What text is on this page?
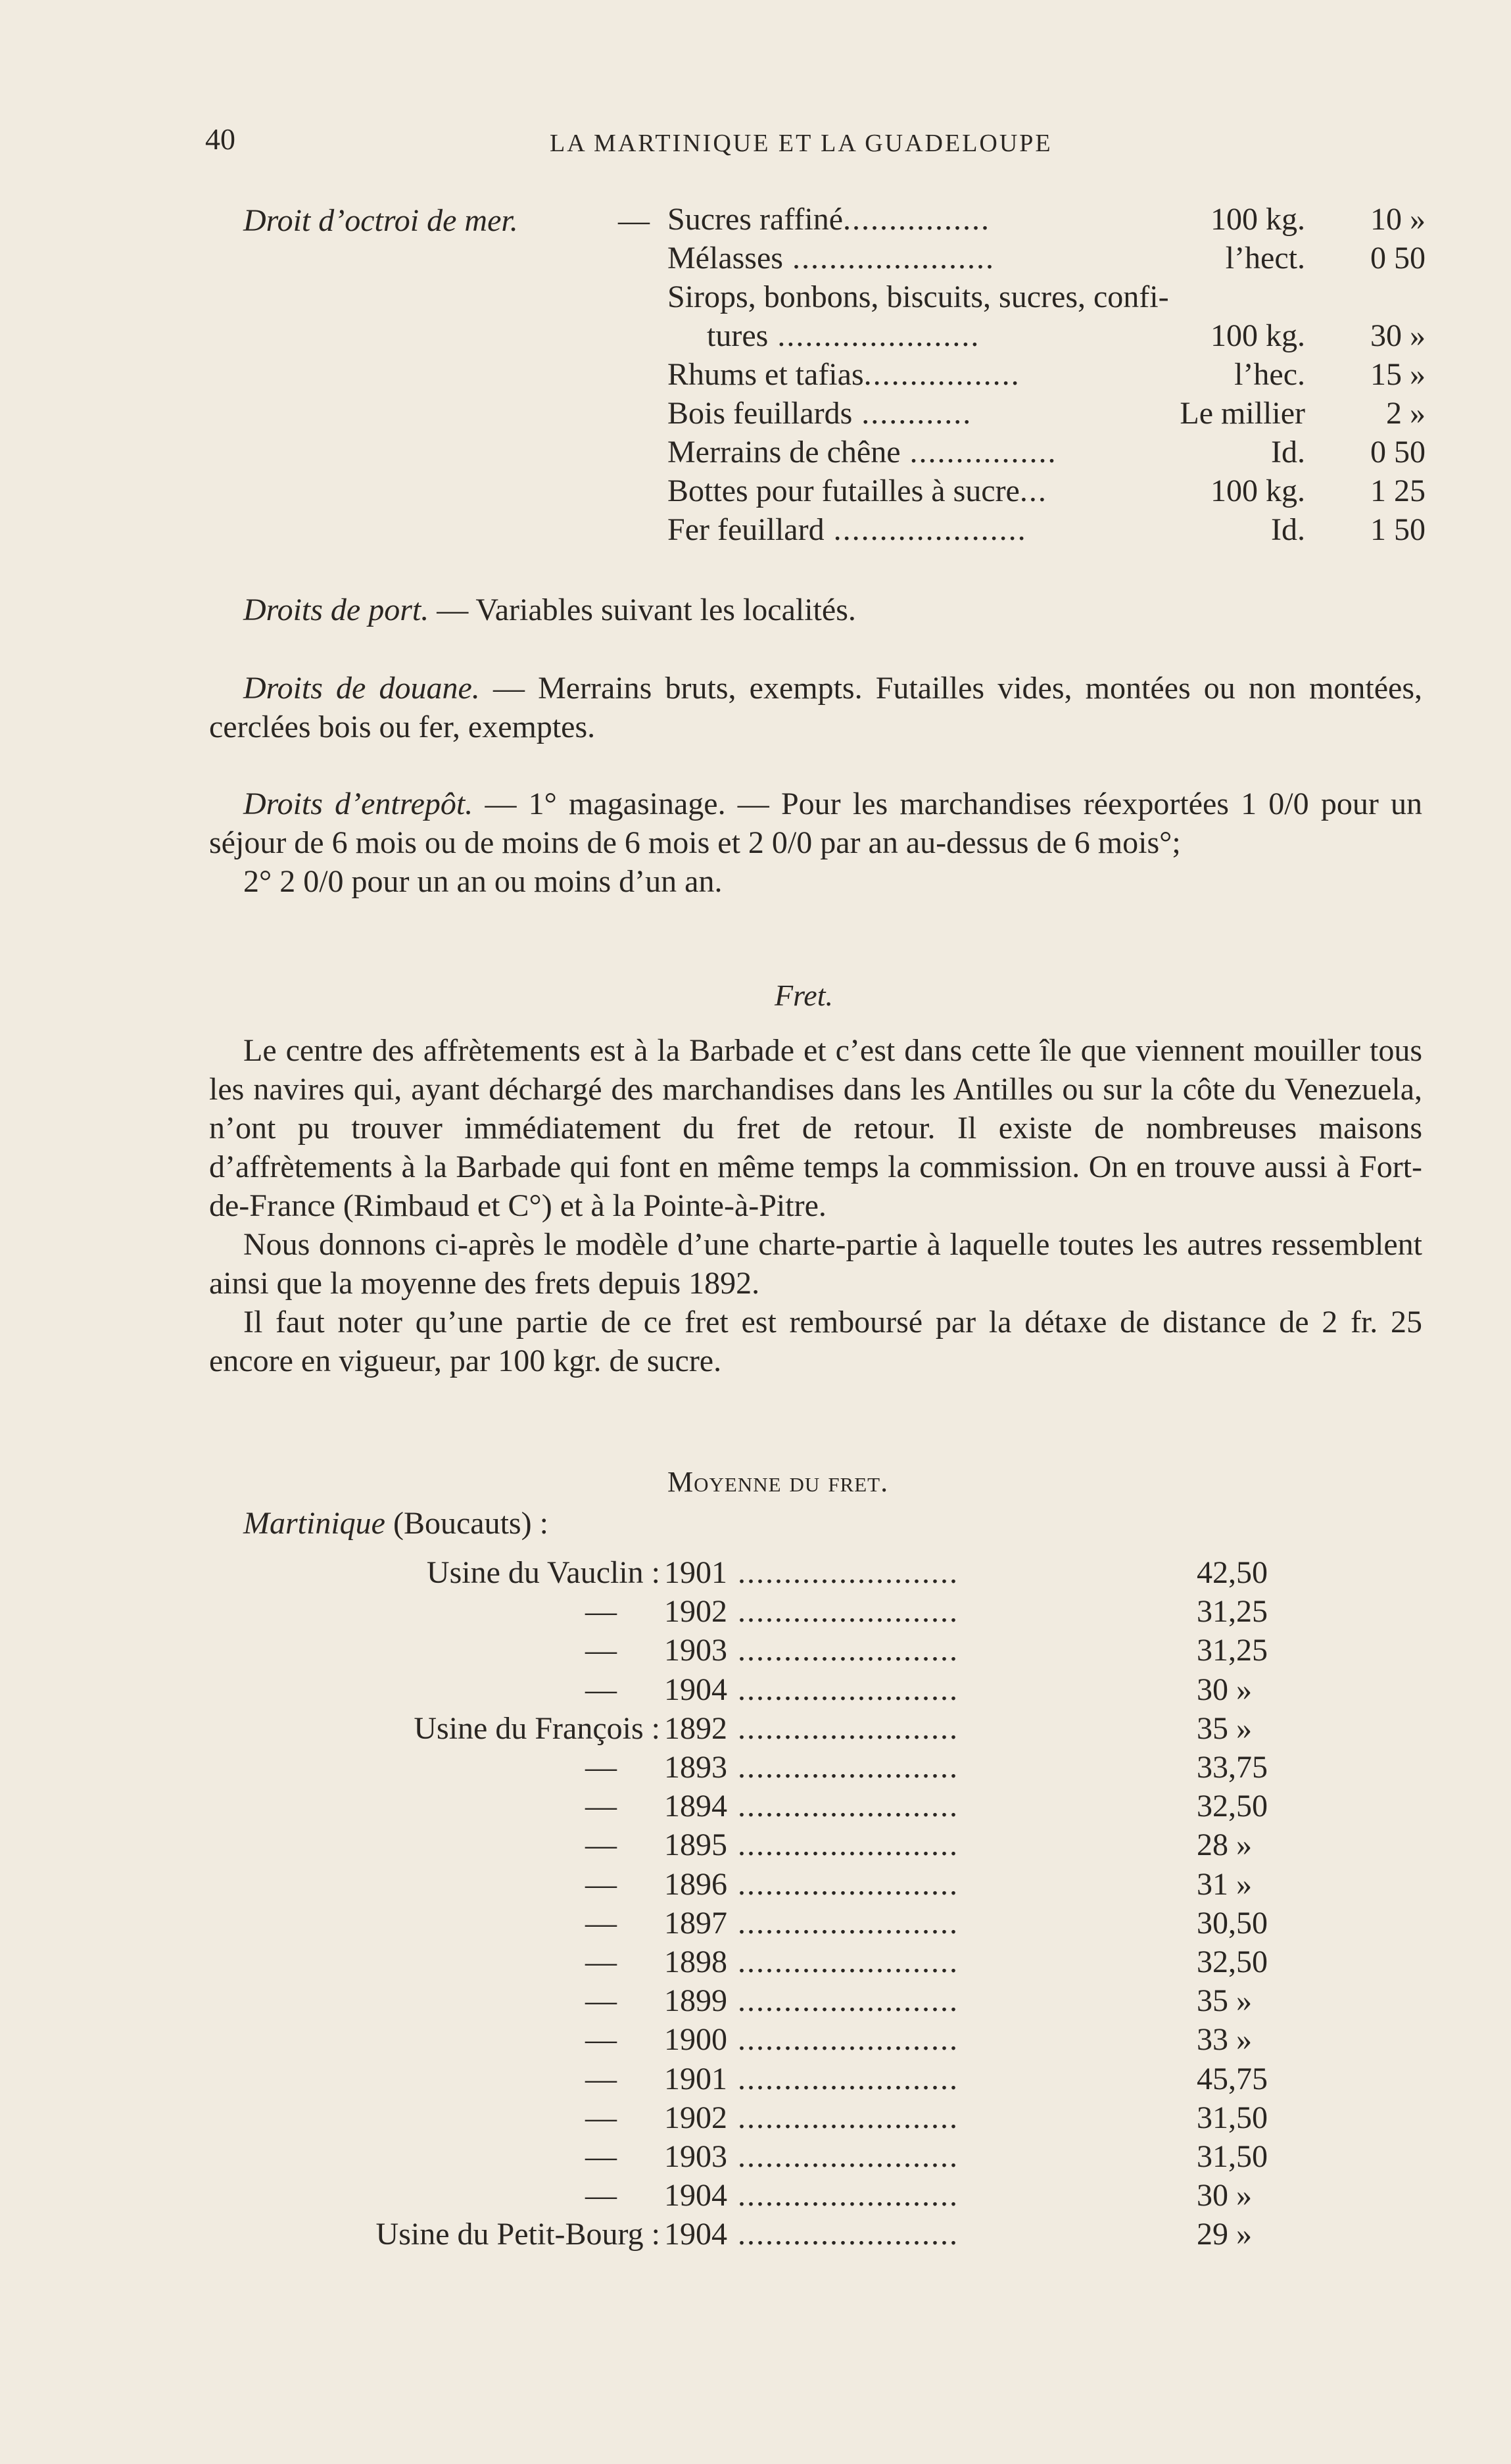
40	LA MARTINIQUE ET LA GUADELOUPE
Droit d’octroi de mer.	— Sucres raffiné................	100 kg.	10 »
Mélasses ......................	l’hect.	0 50
Sirops, bonbons, biscuits, sucres, confi-
tures ......................	100 kg.	30 »
Rhums et tafias.................	l’hec.	15 »
Bois feuillards ............	Le millier	2 »
Merrains de chêne ................	Id.	0 50
Bottes pour futailles à sucre...	100 kg.	1 25
Fer feuillard .....................	Id.	1 50
Droits de port. — Variables suivant les localités.

Droits de douane. — Merrains bruts, exempts. Futailles vides, montées ou non montées, cerclées bois ou fer, exemptes.

Droits d’entrepôt. — 1° magasinage. — Pour les marchandises réexportées 1 0/0 pour un séjour de 6 mois ou de moins de 6 mois et 2 0/0 par an au-dessus de 6 mois°;

2° 2 0/0 pour un an ou moins d’un an.

Fret.

Le centre des affrètements est à la Barbade et c’est dans cette île que viennent mouiller tous les navires qui, ayant déchargé des marchandises dans les Antilles ou sur la côte du Venezuela, n’ont pu trouver immédiatement du fret de retour. Il existe de nombreuses maisons d’affrètements à la Barbade qui font en même temps la commission. On en trouve aussi à Fort-de-France (Rimbaud et C°) et à la Pointe-à-Pitre.

Nous donnons ci-après le modèle d’une charte-partie à laquelle toutes les autres ressemblent ainsi que la moyenne des frets depuis 1892.

Il faut noter qu’une partie de ce fret est remboursé par la détaxe de distance de 2 fr. 25 encore en vigueur, par 100 kgr. de sucre.

Moyenne du fret.
Martinique (Boucauts) :
Usine du Vauclin : 1901 ........................	42,50
—	1902 ........................	31,25
—	1903 ........................	31,25
—	1904 ........................	30 »
Usine du François : 1892 ........................	35 »
—	1893 ........................	33,75
—	1894 ........................	32,50
—	1895 ........................	28 »
—	1896 ........................	31 »
—	1897 ........................	30,50
—	1898 ........................	32,50
—	1899 ........................	35 »
—	1900 ........................	33 »
—	1901 ........................	45,75
—	1902 ........................	31,50
—	1903 ........................	31,50
—	1904 ........................	30 »
Usine du Petit-Bourg : 1904 ........................	29 »
